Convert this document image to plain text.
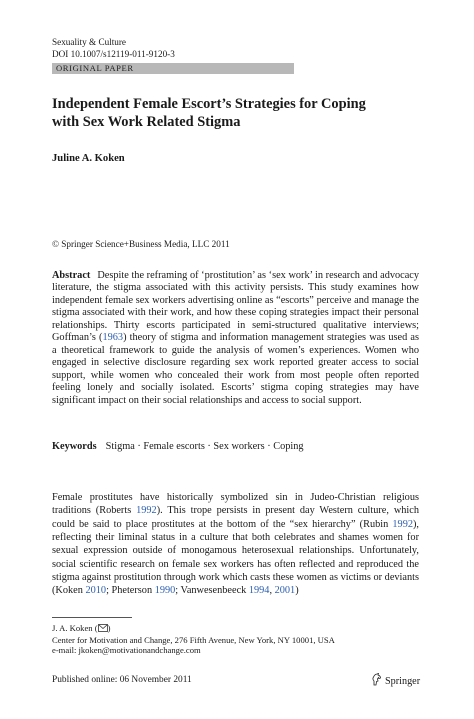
Sexuality & Culture
DOI 10.1007/s12119-011-9120-3
ORIGINAL PAPER
Independent Female Escort’s Strategies for Coping
with Sex Work Related Stigma
Juline A. Koken
© Springer Science+Business Media, LLC 2011

Abstract Despite the reframing of ‘prostitution’ as ‘sex work’ in research and advocacy literature, the stigma associated with this activity persists. This study examines how independent female sex workers advertising online as “escorts” perceive and manage the stigma associated with their work, and how these coping strategies impact their personal relationships. Thirty escorts participated in semi-structured qualitative interviews; Goffman’s (1963) theory of stigma and information management strategies was used as a theoretical framework to guide the analysis of women’s experiences. Women who engaged in selective disclosure regarding sex work reported greater access to social support, while women who concealed their work from most people often reported feeling lonely and socially isolated. Escorts’ stigma coping strategies may have significant impact on their social relationships and access to social support.

Keywords Stigma · Female escorts · Sex workers · Coping

Female prostitutes have historically symbolized sin in Judeo-Christian religious traditions (Roberts 1992). This trope persists in present day Western culture, which could be said to place prostitutes at the bottom of the “sex hierarchy” (Rubin 1992), reflecting their liminal status in a culture that both celebrates and shames women for sexual expression outside of monogamous heterosexual relationships. Unfortunately, social scientific research on female sex workers has often reflected and reproduced the stigma against prostitution through work which casts these women as victims or deviants (Koken 2010; Pheterson 1990; Vanwesenbeeck 1994, 2001)

J. A. Koken ( )
Center for Motivation and Change, 276 Fifth Avenue, New York, NY 10001, USA
e-mail: jkoken@motivationandchange.com
Published online: 06 November 2011	Springer
